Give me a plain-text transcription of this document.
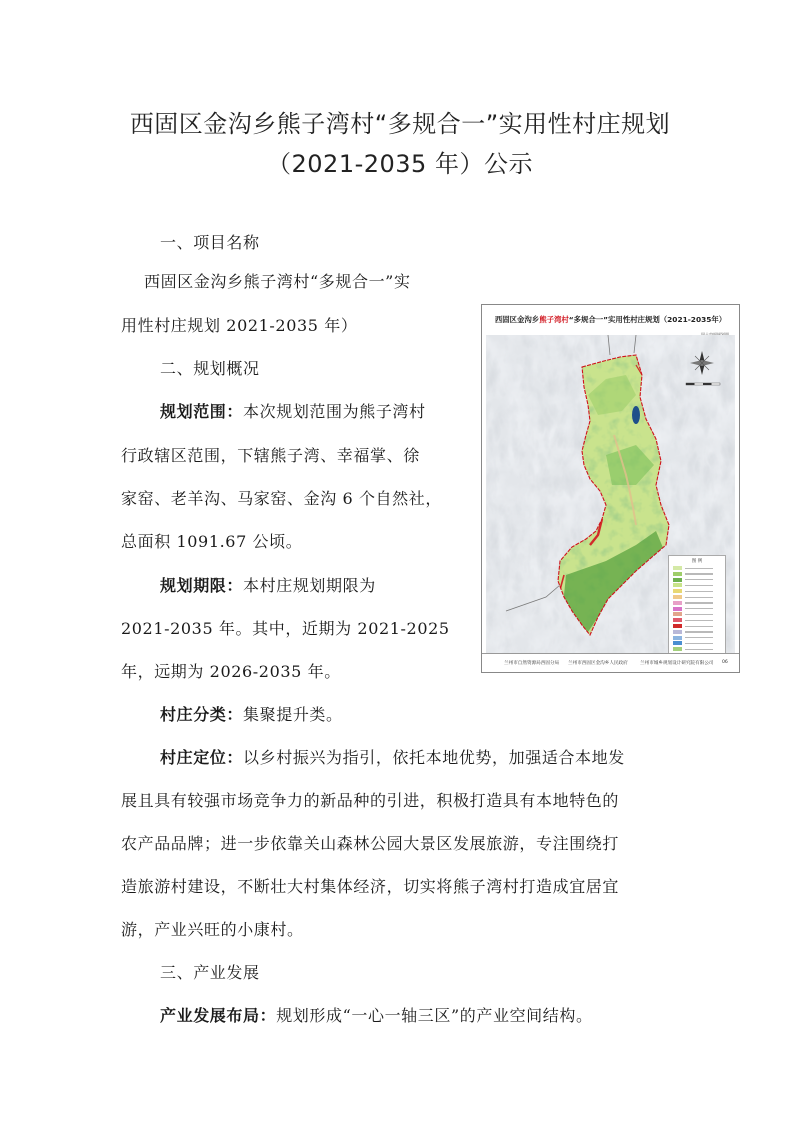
西固区金沟乡熊子湾村“多规合一”实用性村庄规划
（2021-2035 年）公示
一、项目名称
西固区金沟乡熊子湾村“多规合一”实
用性村庄规划 2021-2035 年）
二、规划概况
规划范围：本次规划范围为熊子湾村
行政辖区范围，下辖熊子湾、幸福掌、徐
家窑、老羊沟、马家窑、金沟 6 个自然社，
总面积 1091.67 公顷。
规划期限：本村庄规划期限为
2021-2035 年。其中，近期为 2021-2025
年，远期为 2026-2035 年。
村庄分类：集聚提升类。
村庄定位：以乡村振兴为指引，依托本地优势，加强适合本地发
展且具有较强市场竞争力的新品种的引进，积极打造具有本地特色的
农产品品牌；进一步依靠关山森林公园大景区发展旅游，专注围绕打
造旅游村建设，不断壮大村集体经济，切实将熊子湾村打造成宜居宜
游，产业兴旺的小康村。
三、产业发展
产业发展布局：规划形成“一心一轴三区”的产业空间结构。
西固区金沟乡熊子湾村“多规合一”实用性村庄规划（2021-2035年）
图 例
兰州市自然资源局西固分局 兰州市西固区金沟乡人民政府	兰州市城乡规划设计研究院有限公司 06
